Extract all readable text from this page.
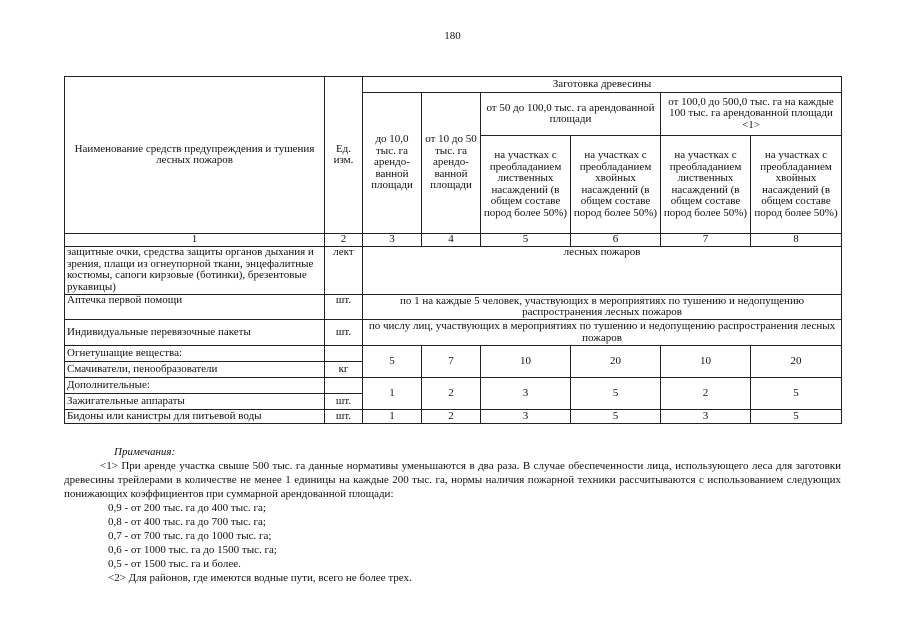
180
Наименование средств предупреждения и тушения лесных пожаров	Ед. изм.	Заготовка древесины					
		до 10,0 тыс. га арендо-ванной площади	от 10 до 50 тыс. га арендо-ванной площади	от 50 до 100,0 тыс. га арендованной площади		от 100,0 до 500,0 тыс. га на каждые 100 тыс. га арендованной площади <1>	
				на участках с преобладанием лиственных насаждений (в общем составе пород более 50%)	на участках с преобладанием хвойных насаждений (в общем составе пород более 50%)	на участках с преобладанием лиственных насаждений (в общем составе пород более 50%)	на участках с преобладанием хвойных насаждений (в общем составе пород более 50%)

1	2	3	4	5	6	7	8
защитные очки, средства защиты органов дыхания и зрения, плащи из огнеупорной ткани, энцефалитные костюмы, сапоги кирзовые (ботинки), брезентовые рукавицы)	лект	лесных пожаров					
Аптечка первой помощи	шт.	по 1 на каждые 5 человек, участвующих в мероприятиях по тушению и недопущению распространения лесных пожаров					
Индивидуальные перевязочные пакеты	шт.	по числу лиц, участвующих в мероприятиях по тушению и недопущению распространения лесных пожаров					
Огнетушащие вещества:		5	7	10	20	10	20
Смачиватели, пенообразователи	кг						
Дополнительные:		1	2	3	5	2	5
Зажигательные аппараты	шт.						
Бидоны или канистры для питьевой воды	шт.	1	2	3	5	3	5

Примечания:

<1> При аренде участка свыше 500 тыс. га данные нормативы уменьшаются в два раза. В случае обеспеченности лица, использующего леса для заготовки древесины трейлерами в количестве не менее 1 единицы на каждые 200 тыс. га, нормы наличия пожарной техники рассчитываются с использованием следующих понижающих коэффициентов при суммарной арендованной площади:

0,9 - от 200 тыс. га до 400 тыс. га;

0,8 - от 400 тыс. га до 700 тыс. га;

0,7 - от 700 тыс. га до 1000 тыс. га;

0,6 - от 1000 тыс. га до 1500 тыс. га;

0,5 - от 1500 тыс. га и более.

<2> Для районов, где имеются водные пути, всего не более трех.
